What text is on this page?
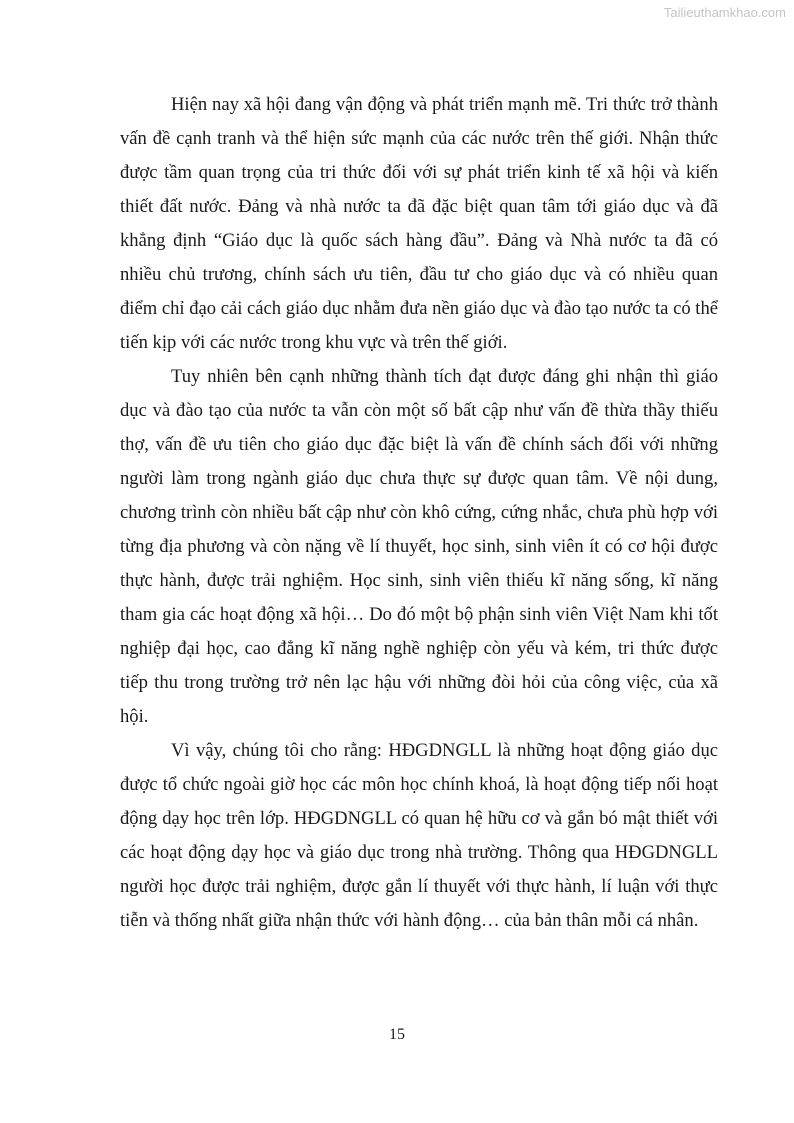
Tailieuthamkhao.com

Hiện nay xã hội đang vận động và phát triển mạnh mẽ. Tri thức trở thành vấn đề cạnh tranh và thể hiện sức mạnh của các nước trên thế giới. Nhận thức được tầm quan trọng của tri thức đối với sự phát triển kinh tế xã hội và kiến thiết đất nước. Đảng và nhà nước ta đã đặc biệt quan tâm tới giáo dục và đã khẳng định “Giáo dục là quốc sách hàng đầu”. Đảng và Nhà nước ta đã có nhiều chủ trương, chính sách ưu tiên, đầu tư cho giáo dục và có nhiều quan điểm chỉ đạo cải cách giáo dục nhằm đưa nền giáo dục và đào tạo nước ta có thể tiến kịp với các nước trong khu vực và trên thế giới.

Tuy nhiên bên cạnh những thành tích đạt được đáng ghi nhận thì giáo dục và đào tạo của nước ta vẫn còn một số bất cập như vấn đề thừa thầy thiếu thợ, vấn đề ưu tiên cho giáo dục đặc biệt là vấn đề chính sách đối với những người làm trong ngành giáo dục chưa thực sự được quan tâm. Về nội dung, chương trình còn nhiều bất cập như còn khô cứng, cứng nhắc, chưa phù hợp với từng địa phương và còn nặng về lí thuyết, học sinh, sinh viên ít có cơ hội được thực hành, được trải nghiệm. Học sinh, sinh viên thiếu kĩ năng sống, kĩ năng tham gia các hoạt động xã hội… Do đó một bộ phận sinh viên Việt Nam khi tốt nghiệp đại học, cao đẳng kĩ năng nghề nghiệp còn yếu và kém, tri thức được tiếp thu trong trường trở nên lạc hậu với những đòi hỏi của công việc, của xã hội.

Vì vậy, chúng tôi cho rằng: HĐGDNGLL là những hoạt động giáo dục được tổ chức ngoài giờ học các môn học chính khoá, là hoạt động tiếp nối hoạt động dạy học trên lớp. HĐGDNGLL có quan hệ hữu cơ và gắn bó mật thiết với các hoạt động dạy học và giáo dục trong nhà trường. Thông qua HĐGDNGLL người học được trải nghiệm, được gắn lí thuyết với thực hành, lí luận với thực tiễn và thống nhất giữa nhận thức với hành động… của bản thân mỗi cá nhân.

15
